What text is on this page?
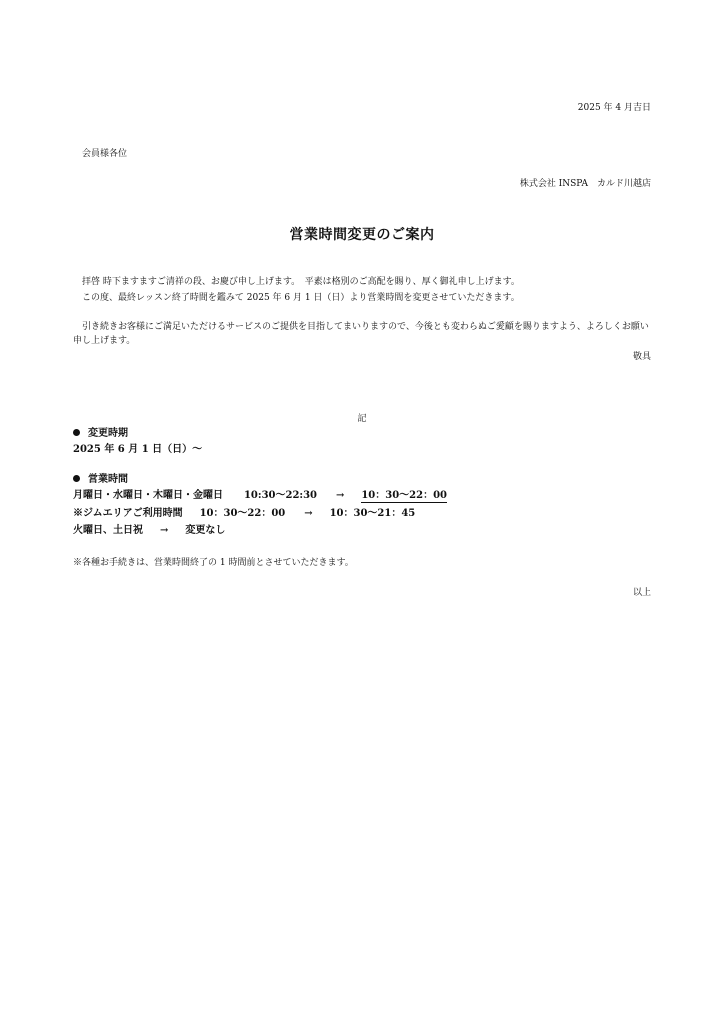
2025 年 4 月吉日
会員様各位
株式会社 INSPA　カルド川越店
営業時間変更のご案内
拝啓 時下ますますご清祥の段、お慶び申し上げます。　平素は格別のご高配を賜り、厚く御礼申し上げます。
この度、最終レッスン終了時間を鑑みて 2025 年 6 月 1 日（日）より営業時間を変更させていただきます。
引き続きお客様にご満足いただけるサービスのご提供を目指してまいりますので、今後とも変わらぬご愛顧を賜りますよう、よろしくお願い申し上げます。
敬具
記
変更時期
2025 年 6 月 1 日（日）～
営業時間
月曜日・水曜日・木曜日・金曜日 10:30～22:30 → 10：30～22：00
※ジムエリアご利用時間 10：30～22：00 → 10：30～21：45
火曜日、土日祝 → 変更なし
※各種お手続きは、営業時間終了の 1 時間前とさせていただきます。
以上
